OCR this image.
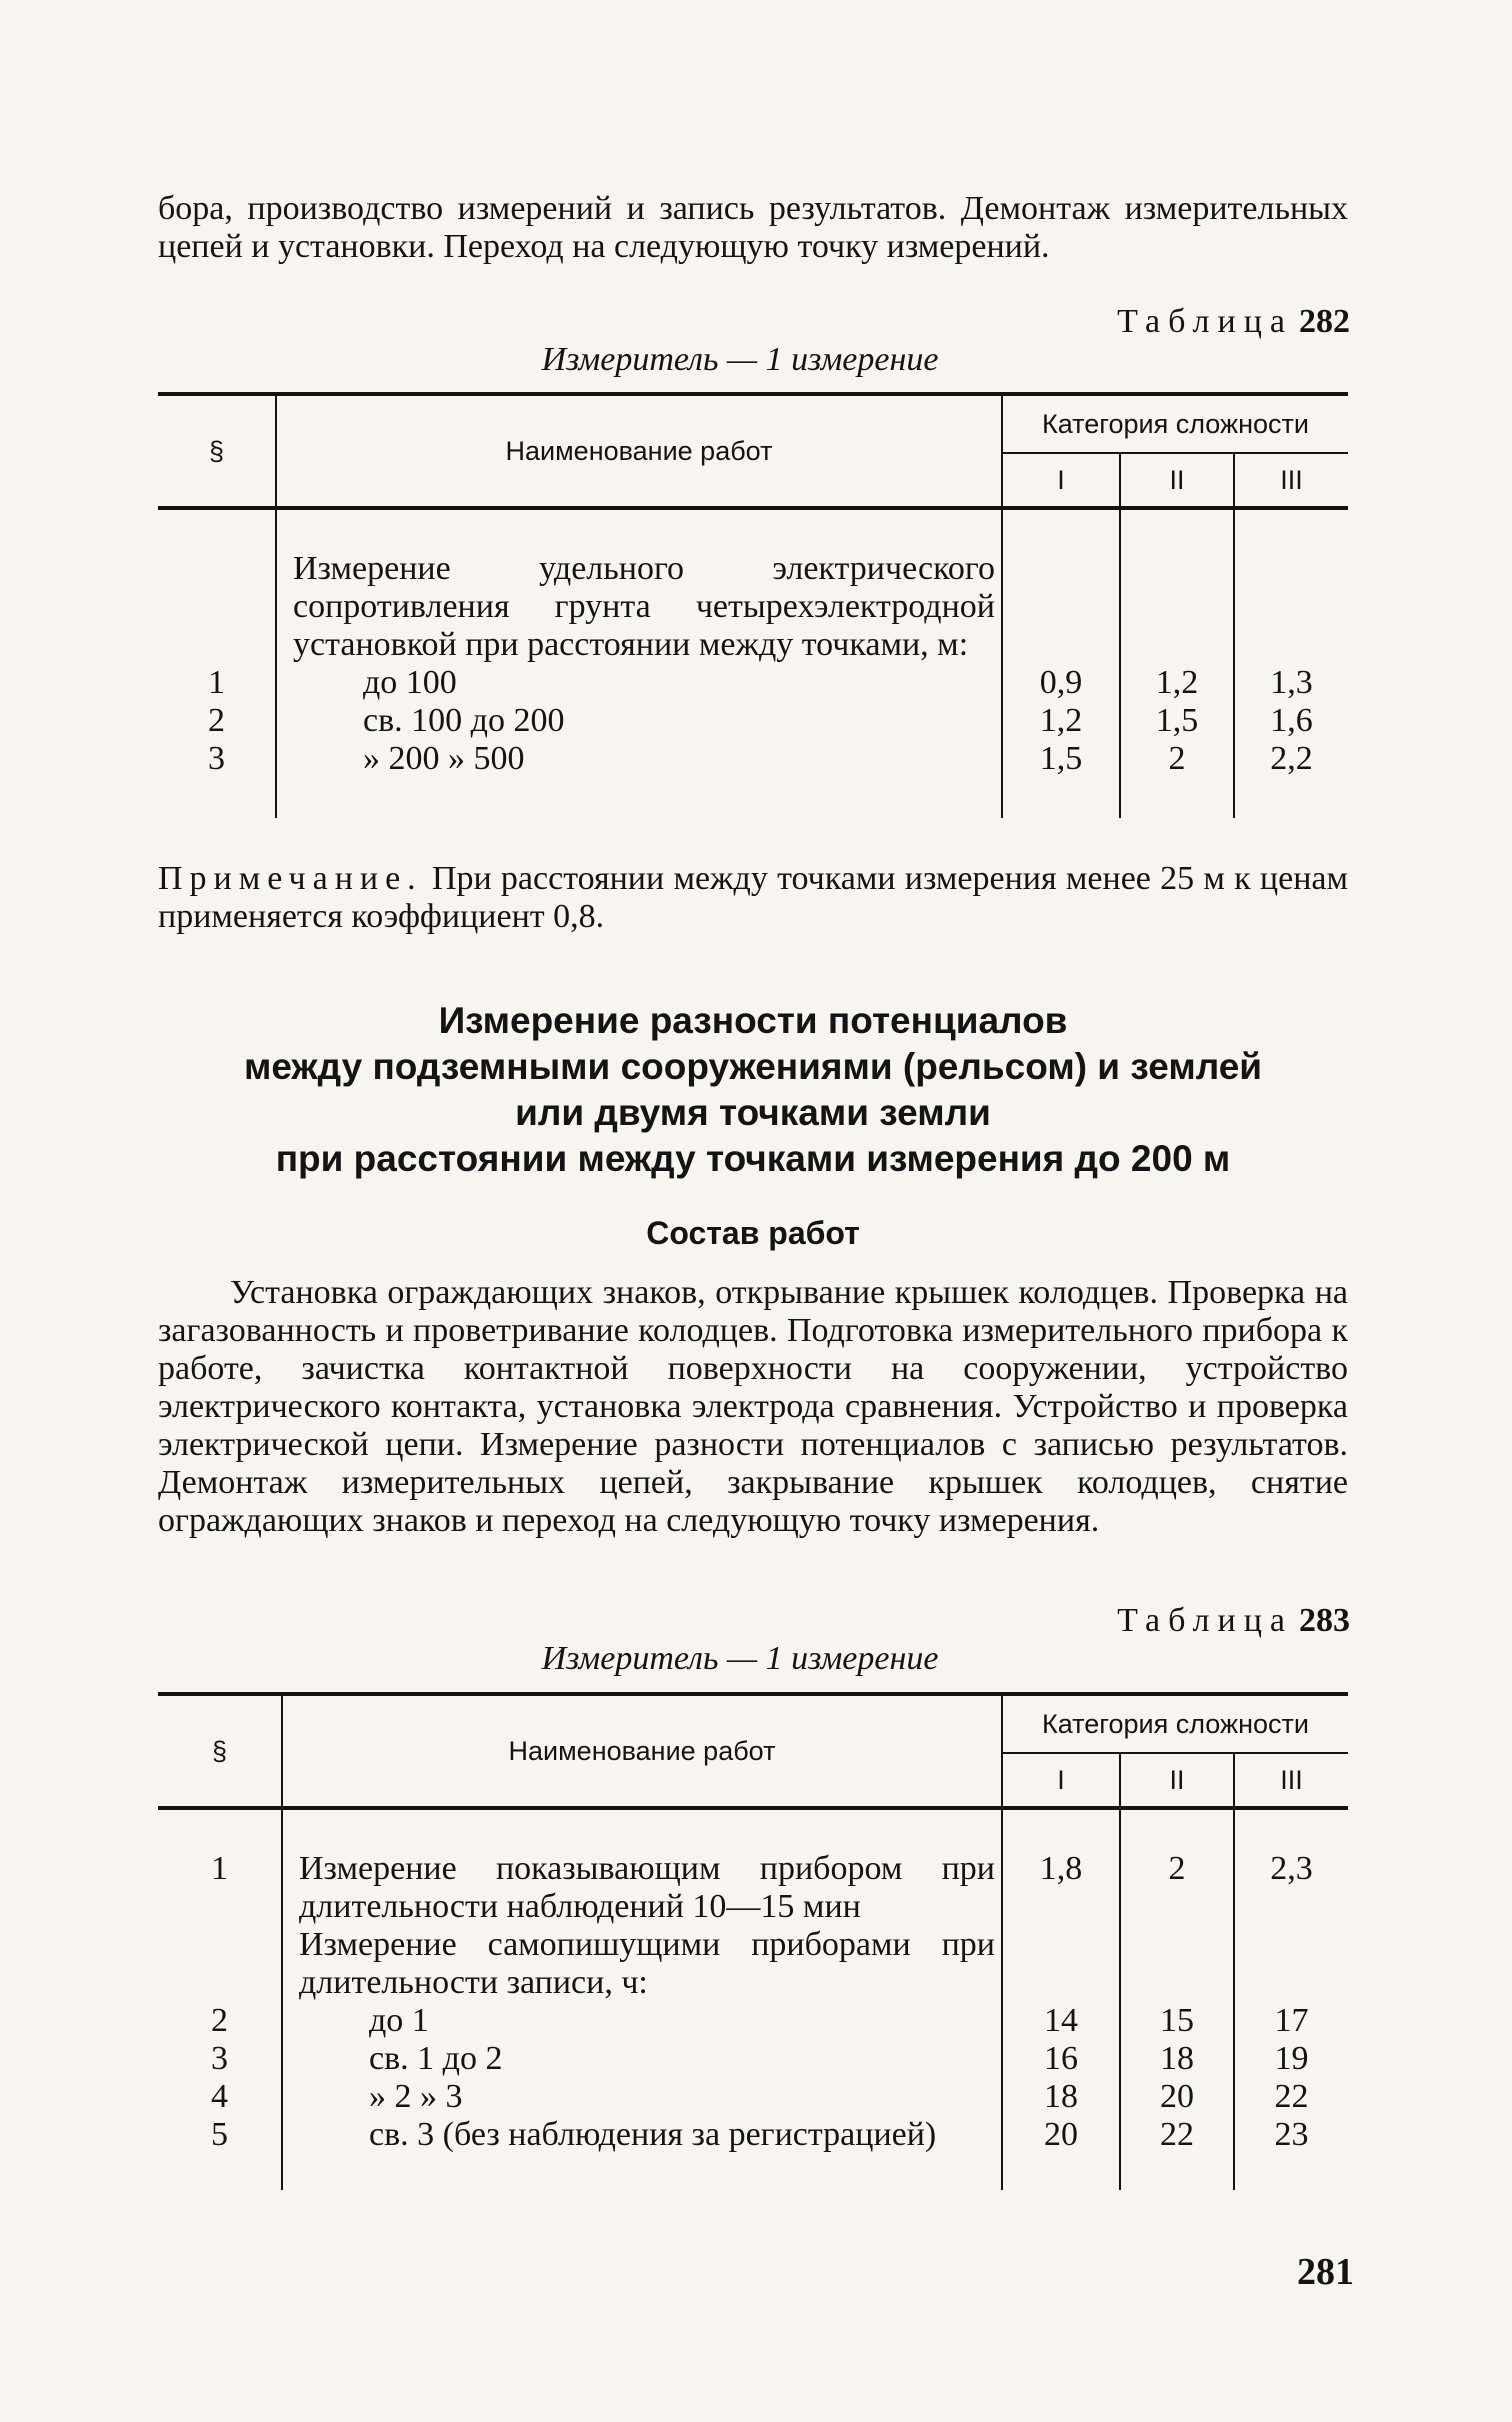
бора, производство измерений и запись результатов. Демонтаж измерительных цепей и установки. Переход на следующую точку измерений.

Таблица 282
Измеритель — 1 измерение
§	Наименование работ	Категория сложности		
		I	II	III
	Измерение удельного электрического сопротивления грунта четырехэлектродной установкой при расстоянии между точками, м:			
1	до 100	0,9	1,2	1,3
2	св. 100 до 200	1,2	1,5	1,6
3	» 200 » 500	1,5	2	2,2
Примечание. При расстоянии между точками измерения менее 25 м к ценам применяется коэффициент 0,8.
Измерение разности потенциалов
между подземными сооружениями (рельсом) и землей
или двумя точками земли
при расстоянии между точками измерения до 200 м
Состав работ

Установка ограждающих знаков, открывание крышек колодцев. Проверка на загазованность и проветривание колодцев. Подготовка измерительного прибора к работе, зачистка контактной поверхности на сооружении, устройство электрического контакта, установка электрода сравнения. Устройство и проверка электрической цепи. Измерение разности потенциалов с записью результатов. Демонтаж измерительных цепей, закрывание крышек колодцев, снятие ограждающих знаков и переход на следующую точку измерения.

Таблица 283
Измеритель — 1 измерение
§	Наименование работ	Категория сложности		
		I	II	III
1	Измерение показывающим прибором при длительности наблюдений 10—15 мин	1,8	2	2,3
	Измерение самопишущими приборами при длительности записи, ч:			
2	до 1	14	15	17
3	св. 1 до 2	16	18	19
4	» 2 » 3	18	20	22
5	св. 3 (без наблюдения за регистрацией)	20	22	23
281
